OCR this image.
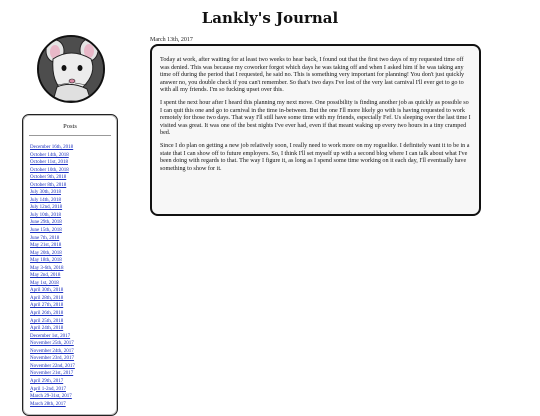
Lankly's Journal
Posts
December 16th, 2018
October 14th, 2018
October 11st, 2018
October 10th, 2018
October 9th, 2018
October 8th, 2018
July 30th, 2018
July 14th, 2018
July 12nd, 2018
July 10th, 2018
June 29th, 2018
June 15th, 2018
June 7th, 2018
May 21st, 2018
May 20th, 2018
May 18th, 2018
May 3-6th, 2018
May 2nd, 2018
May 1st, 2018
April 30th, 2018
April 28th, 2018
April 27th, 2018
April 26th, 2018
April 25th, 2018
April 24th, 2018
December 1st, 2017
November 25th, 2017
November 24th, 2017
November 23rd, 2017
November 22nd, 2017
November 21st, 2017
April 29th, 2017
April 1-2nd, 2017
March 29-31st, 2017
March 28th, 2017
March 13th, 2017

Today at work, after waiting for at least two weeks to hear back, I found out that the first two days of my requested time off was denied. This was because my coworker forgot which days he was taking off and when I asked him if he was taking any time off during the period that I requested, he said no. This is something very important for planning! You don't just quickly answer no, you double check if you can't remember. So that's two days I've lost of the very last carnival I'll ever get to go to with all my friends. I'm so fucking upset over this.

I spent the next hour after I heard this planning my next move. One possibility is finding another job as quickly as possible so I can quit this one and go to carnival in the time in-between. But the one I'll more likely go with is having requested to work remotely for those two days. That way I'll still have some time with my friends, especially Fef. Us sleeping over the last time I visited was great. It was one of the best nights I've ever had, even if that meant waking up every two hours in a tiny cramped bed.

Since I do plan on getting a new job relatively soon, I really need to work more on my roguelike. I definitely want it to be in a state that I can show off to future employers. So, I think I'll set myself up with a second blog where I can talk about what I've been doing with regards to that. The way I figure it, as long as I spend some time working on it each day, I'll eventually have something to show for it.
